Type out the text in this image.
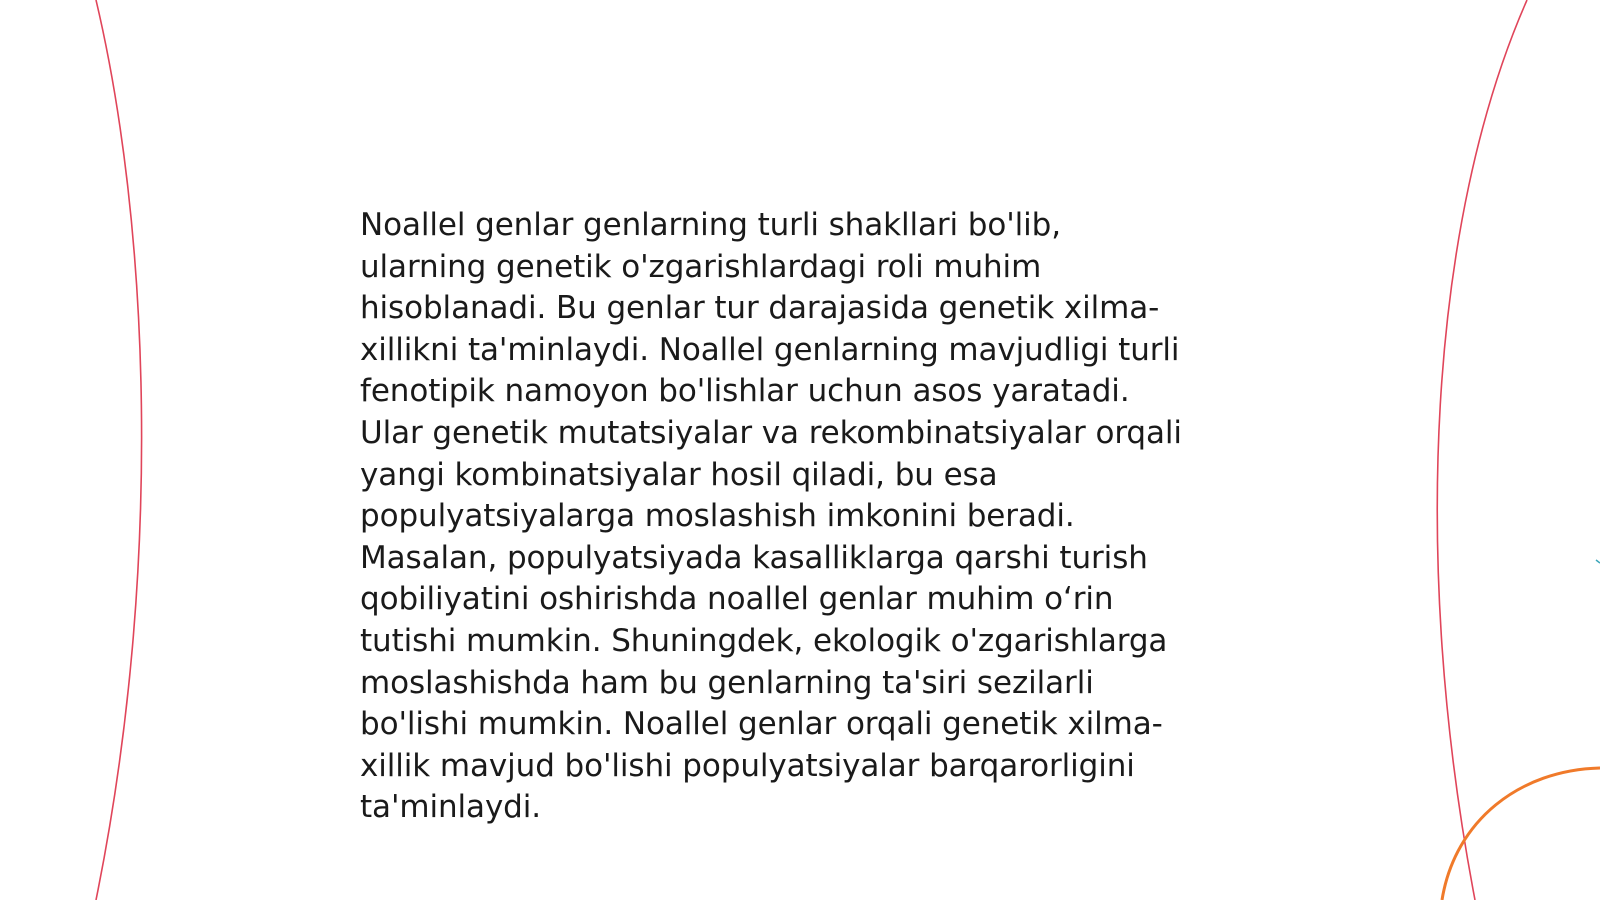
Noallel genlar genlarning turli shakllari bo'lib,
ularning genetik o'zgarishlardagi roli muhim
hisoblanadi. Bu genlar tur darajasida genetik xilma-
xillikni ta'minlaydi. Noallel genlarning mavjudligi turli
fenotipik namoyon bo'lishlar uchun asos yaratadi.
Ular genetik mutatsiyalar va rekombinatsiyalar orqali
yangi kombinatsiyalar hosil qiladi, bu esa
populyatsiyalarga moslashish imkonini beradi.
Masalan, populyatsiyada kasalliklarga qarshi turish
qobiliyatini oshirishda noallel genlar muhim o‘rin
tutishi mumkin. Shuningdek, ekologik o'zgarishlarga
moslashishda ham bu genlarning ta'siri sezilarli
bo'lishi mumkin. Noallel genlar orqali genetik xilma-
xillik mavjud bo'lishi populyatsiyalar barqarorligini
ta'minlaydi.
